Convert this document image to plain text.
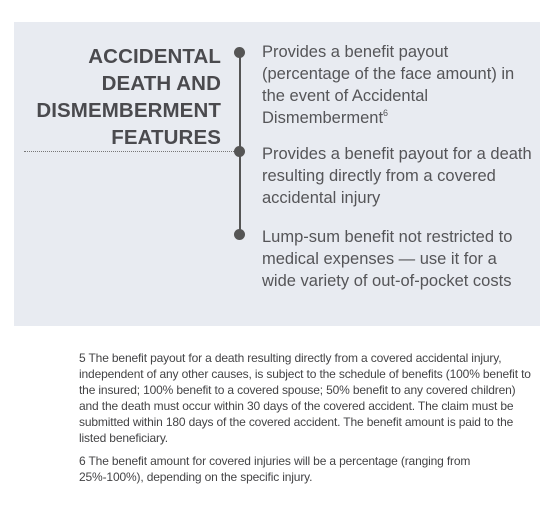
ACCIDENTAL
DEATH AND
DISMEMBERMENT
FEATURES
Provides a benefit payout (percentage of the face amount) in the event of Accidental Dismemberment$^6$
Provides a benefit payout for a death resulting directly from a covered accidental injury
Lump-sum benefit not restricted to medical expenses — use it for a wide variety of out-of-pocket costs

5 The benefit payout for a death resulting directly from a covered accidental injury, independent of any other causes, is subject to the schedule of benefits (100% benefit to the insured; 100% benefit to a covered spouse; 50% benefit to any covered children) and the death must occur within 30 days of the covered accident. The claim must be submitted within 180 days of the covered accident. The benefit amount is paid to the listed beneficiary.

6 The benefit amount for covered injuries will be a percentage (ranging from 25%-100%), depending on the specific injury.
